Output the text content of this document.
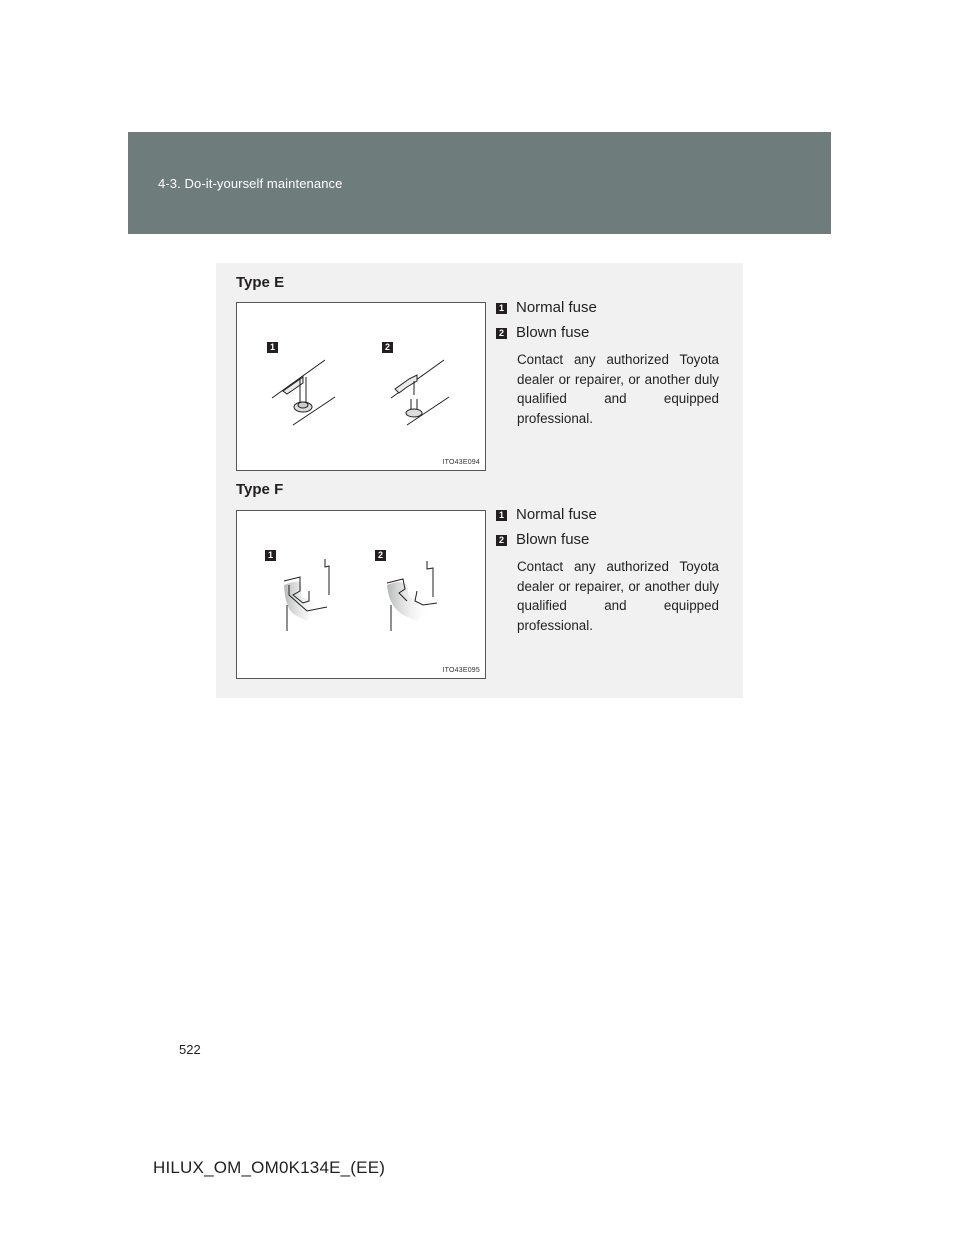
4-3. Do-it-yourself maintenance
Type E
1	2
ITO43E094
1 Normal fuse
2 Blown fuse
Contact any authorized Toyota dealer or repairer, or another duly qualified and equipped professional.
Type F
1	2
ITO43E095
1 Normal fuse
2 Blown fuse
Contact any authorized Toyota dealer or repairer, or another duly qualified and equipped professional.
522
HILUX_OM_OM0K134E_(EE)
